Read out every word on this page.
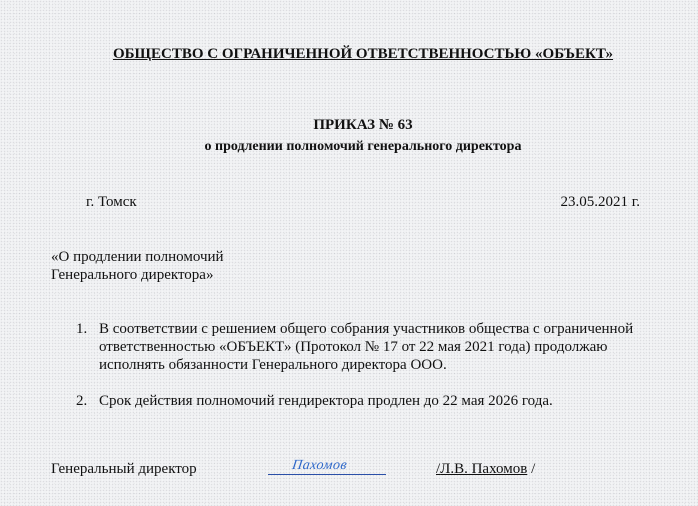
ОБЩЕСТВО С ОГРАНИЧЕННОЙ ОТВЕТСТВЕННОСТЬЮ «ОБЪЕКТ»
ПРИКАЗ № 63
о продлении полномочий генерального директора
г. Томск	23.05.2021 г.
«О продлении полномочий
Генерального директора»
1. В соответствии с решением общего собрания участников общества с ограниченной ответственностью «ОБЪЕКТ» (Протокол № 17 от 22 мая 2021 года) продолжаю исполнять обязанности Генерального директора ООО.
2. Срок действия полномочий гендиректора продлен до 22 мая 2026 года.
Генеральный директор	Пахомов	/Л.В. Пахомов /
